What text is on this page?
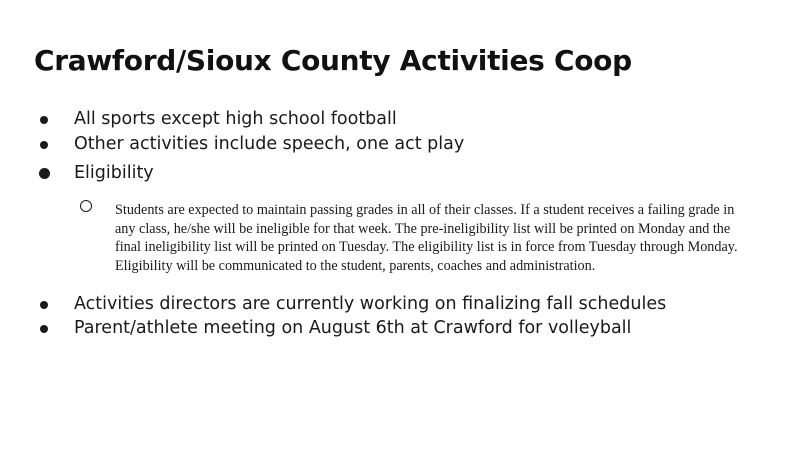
Crawford/Sioux County Activities Coop
All sports except high school football
Other activities include speech, one act play
Eligibility
Students are expected to maintain passing grades in all of their classes. If a student receives a failing grade in any class, he/she will be ineligible for that week. The pre-ineligibility list will be printed on Monday and the final ineligibility list will be printed on Tuesday. The eligibility list is in force from Tuesday through Monday. Eligibility will be communicated to the student, parents, coaches and administration.
Activities directors are currently working on finalizing fall schedules
Parent/athlete meeting on August 6th at Crawford for volleyball
